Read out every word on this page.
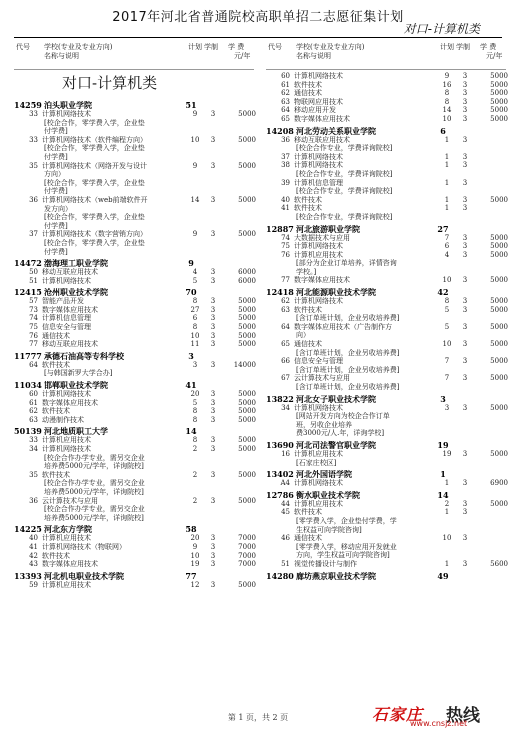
2017年河北省普通院校高职单招二志愿征集计划
对口-计算机类
代号 学校(专业及专业方向)
名称与说明
计划 学制 学 费
元/年
对口-计算机类
14259 泊头职业学院	51
33 计算机网络技术	9	3	5000
[校企合作，零学费入学，企业垫
付学费]
33 计算机网络技术（软件编程方向）	10	3	5000
[校企合作，零学费入学，企业垫
付学费]
35 计算机网络技术（网络开发与设计	9	3	5000
方向）
[校企合作，零学费入学，企业垫
付学费]
36 计算机网络技术（web前端软件开	14	3	5000
发方向）
[校企合作，零学费入学，企业垫
付学费]
37 计算机网络技术（数字营销方向）	9	3	5000
[校企合作，零学费入学，企业垫
付学费]
14472 渤海理工职业学院	9
50 移动互联应用技术	4	3	6000
51 计算机网络技术	5	3	6000
12415 沧州职业技术学院	70
57 智能产品开发	8	3	5000
73 数字媒体应用技术	27	3	5000
74 计算机信息管理	6	3	5000
75 信息安全与管理	8	3	5000
76 通信技术	10	3	5000
77 移动互联应用技术	11	3	5000
11777 承德石油高等专科学校	3
64 软件技术	3	3	14000
[与韩国新罗大学合办]
11034 邯郸职业技术学院	41
60 计算机网络技术	20	3	5000
61 数字媒体应用技术	5	3	5000
62 软件技术	8	3	5000
63 动漫制作技术	8	3	5000
50139 河北地质职工大学	14
33 计算机应用技术	8	3	5000
34 计算机网络技术	2	3	5000
[校企合作办学专业，需另交企业
培养费5000元/学年，详询院校]
35 软件技术	2	3	5000
[校企合作办学专业，需另交企业
培养费5000元/学年，详询院校]
36 云计算技术与应用	2	3	5000
[校企合作办学专业，需另交企业
培养费5000元/学年，详询院校]
14225 河北东方学院	58
40 计算机应用技术	20	3	7000
41 计算机网络技术（物联网）	9	3	7000
42 软件技术	10	3	7000
43 数字媒体应用技术	19	3	7000
13393 河北机电职业技术学院	77
59 计算机应用技术	12	3	5000
代号 学校(专业及专业方向)
名称与说明
计划 学制 学 费
元/年
60 计算机网络技术	9	3	5000
61 软件技术	16	3	5000
62 通信技术	8	3	5000
63 物联网应用技术	8	3	5000
64 移动应用开发	14	3	5000
65 数字媒体应用技术	10	3	5000
14208 河北劳动关系职业学院	6
36 移动互联应用技术	1	3
[校企合作专业，学费详询院校]
37 计算机网络技术	1	3
38 计算机网络技术	1	3
[校企合作专业，学费详询院校]
39 计算机信息管理	1	3
[校企合作专业，学费详询院校]
40 软件技术	1	3	5000
41 软件技术	1	3
[校企合作专业，学费详询院校]
12887 河北旅游职业学院	27
74 大数据技术与应用	7	3	5000
75 计算机网络技术	6	3	5000
76 计算机应用技术	4	3	5000
[部分为企业订单培养，详情咨询
学校。]
77 数字媒体应用技术	10	3	5000
12418 河北能源职业技术学院	42
62 计算机网络技术	8	3	5000
63 软件技术	5	3	5000
[含订单班计划，企业另收培养费]
64 数字媒体应用技术（广告制作方	5	3	5000
向）
65 通信技术	10	3	5000
[含订单班计划，企业另收培养费]
66 信息安全与管理	7	3	5000
[含订单班计划，企业另收培养费]
67 云计算技术与应用	7	3	5000
[含订单班计划，企业另收培养费]
13822 河北女子职业技术学院	3
34 计算机网络技术	3	3	5000
[网站开发方向为校企合作订单
班，另收企业培养
费3000元/人.年，详询学校]
13690 河北司法警官职业学院	19
16 计算机应用技术	19	3	5000
[石家庄校区]
13402 河北外国语学院	1
A4 计算机网络技术	1	3	6900
12786 衡水职业技术学院	14
44 计算机应用技术	2	3	5000
45 软件技术	1	3
[零学费入学，企业垫付学费，学
生权益可向学院咨询]
46 通信技术	10	3
[零学费入学，移动应用开发就业
方向，学生权益可向学院咨询]
51 视觉传播设计与制作	1	3	5600
14280 廊坊燕京职业技术学院	49
第 1 页，共 2 页	石家庄 热线
www.cnsjz.net
